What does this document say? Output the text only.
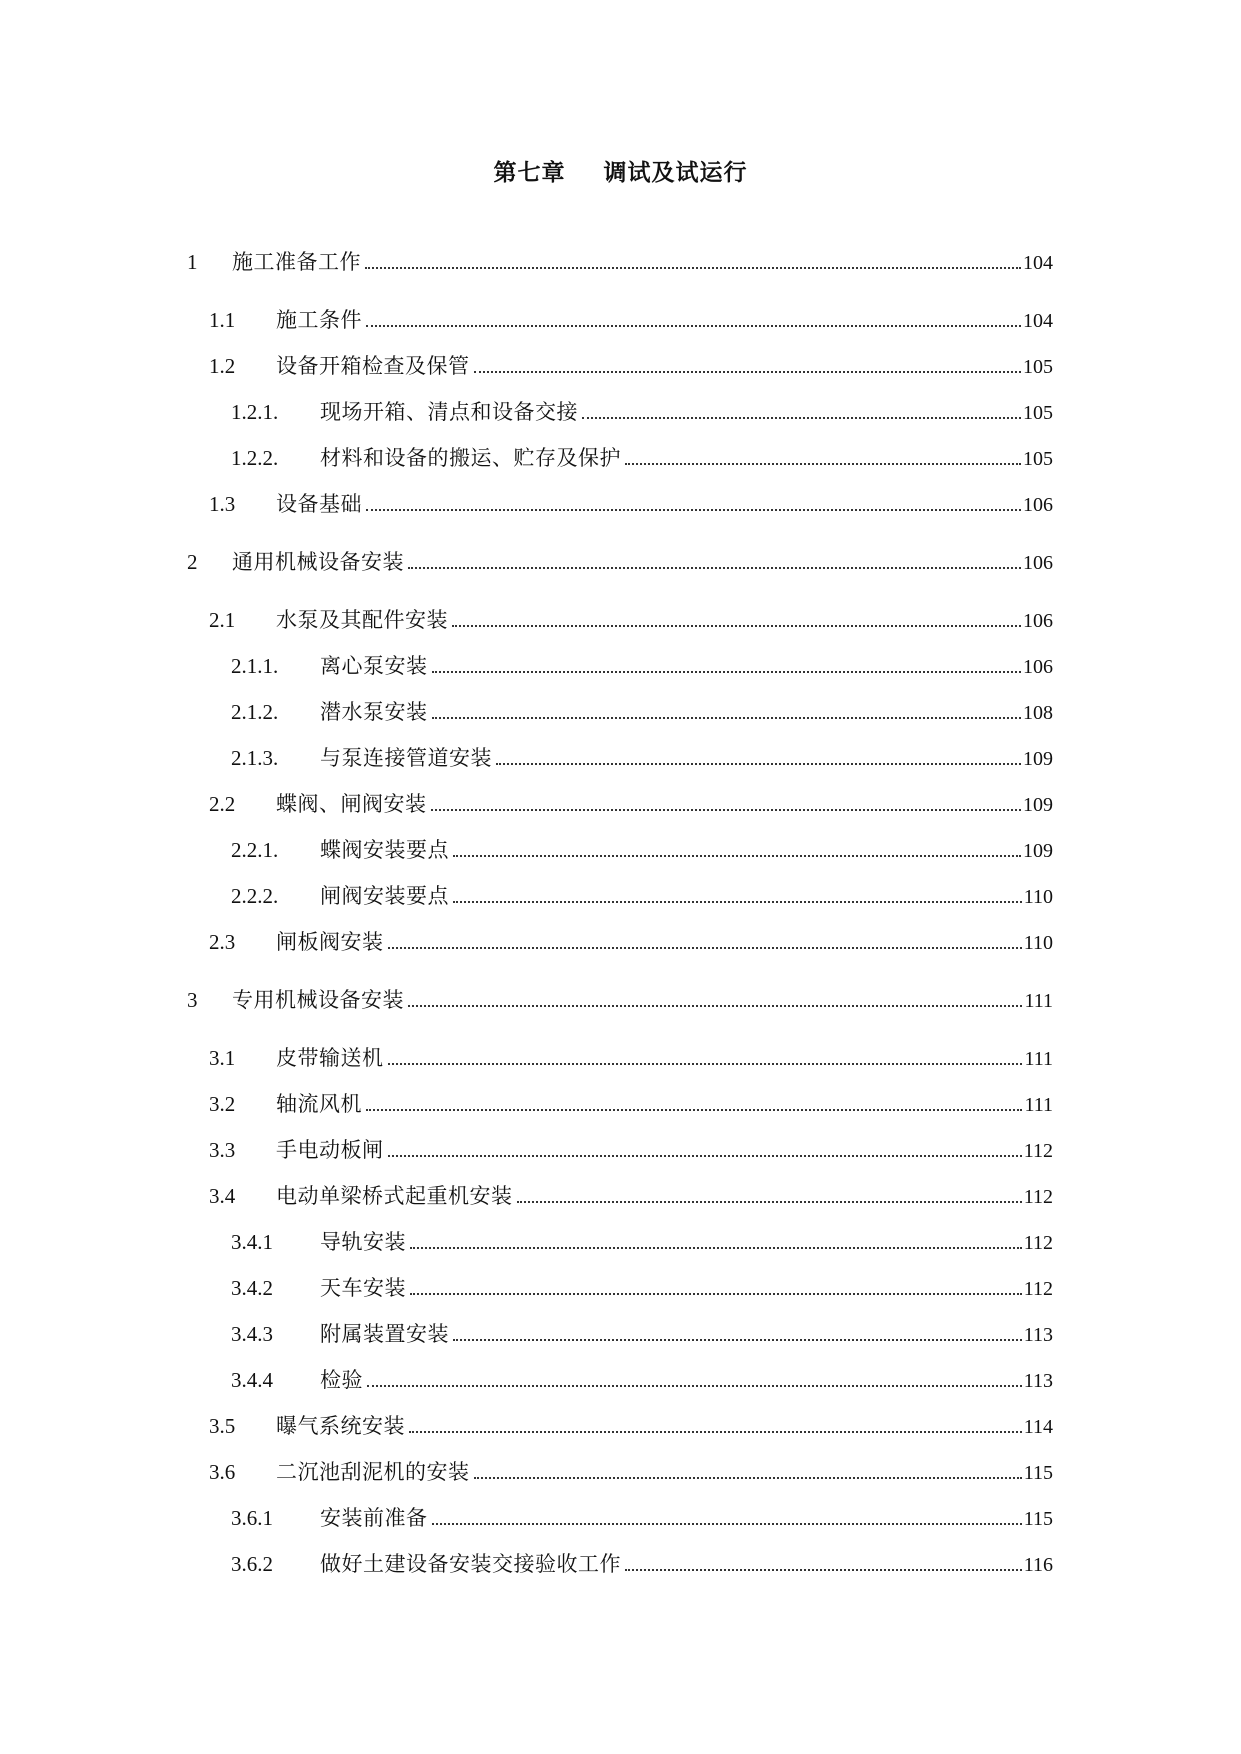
第七章 调试及试运行
1	施工准备工作	104
1.1	施工条件	104
1.2	设备开箱检查及保管	105
1.2.1.	现场开箱、清点和设备交接	105
1.2.2.	材料和设备的搬运、贮存及保护	105
1.3	设备基础	106
2	通用机械设备安装	106
2.1	水泵及其配件安装	106
2.1.1.	离心泵安装	106
2.1.2.	潜水泵安装	108
2.1.3.	与泵连接管道安装	109
2.2	蝶阀、闸阀安装	109
2.2.1.	蝶阀安装要点	109
2.2.2.	闸阀安装要点	110
2.3	闸板阀安装	110
3	专用机械设备安装	111
3.1	皮带输送机	111
3.2	轴流风机	111
3.3	手电动板闸	112
3.4	电动单梁桥式起重机安装	112
3.4.1	导轨安装	112
3.4.2	天车安装	112
3.4.3	附属装置安装	113
3.4.4	检验	113
3.5	曝气系统安装	114
3.6	二沉池刮泥机的安装	115
3.6.1	安装前准备	115
3.6.2	做好土建设备安装交接验收工作	116
